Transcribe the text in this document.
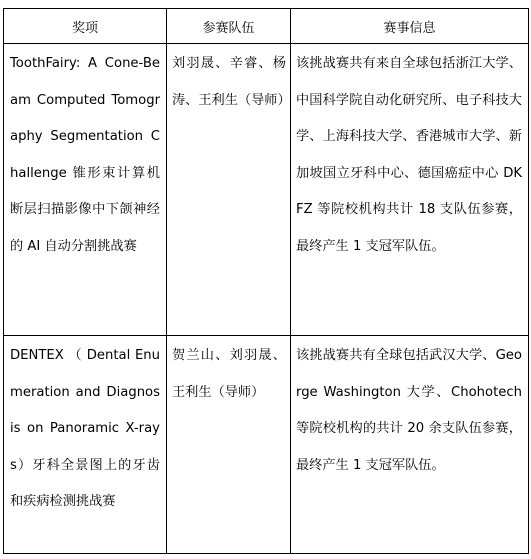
奖项	参赛队伍	赛事信息

ToothFairy: A Cone-Beam Computed Tomography Segmentation Challenge 锥形束计算机断层扫描影像中下颌神经的 AI 自动分割挑战赛	刘羽晟、辛睿、杨涛、王利生（导师）	该挑战赛共有来自全球包括浙江大学、中国科学院自动化研究所、电子科技大学、上海科技大学、香港城市大学、新加坡国立牙科中心、德国癌症中心 DKFZ 等院校机构共计 18 支队伍参赛，最终产生 1 支冠军队伍。

DENTEX （ Dental Enumeration and Diagnosis on Panoramic X-rays）牙科全景图上的牙齿和疾病检测挑战赛	贺兰山、刘羽晟、王利生（导师）	该挑战赛共有全球包括武汉大学、George Washington 大学、Chohotech 等院校机构的共计 20 余支队伍参赛，最终产生 1 支冠军队伍。
